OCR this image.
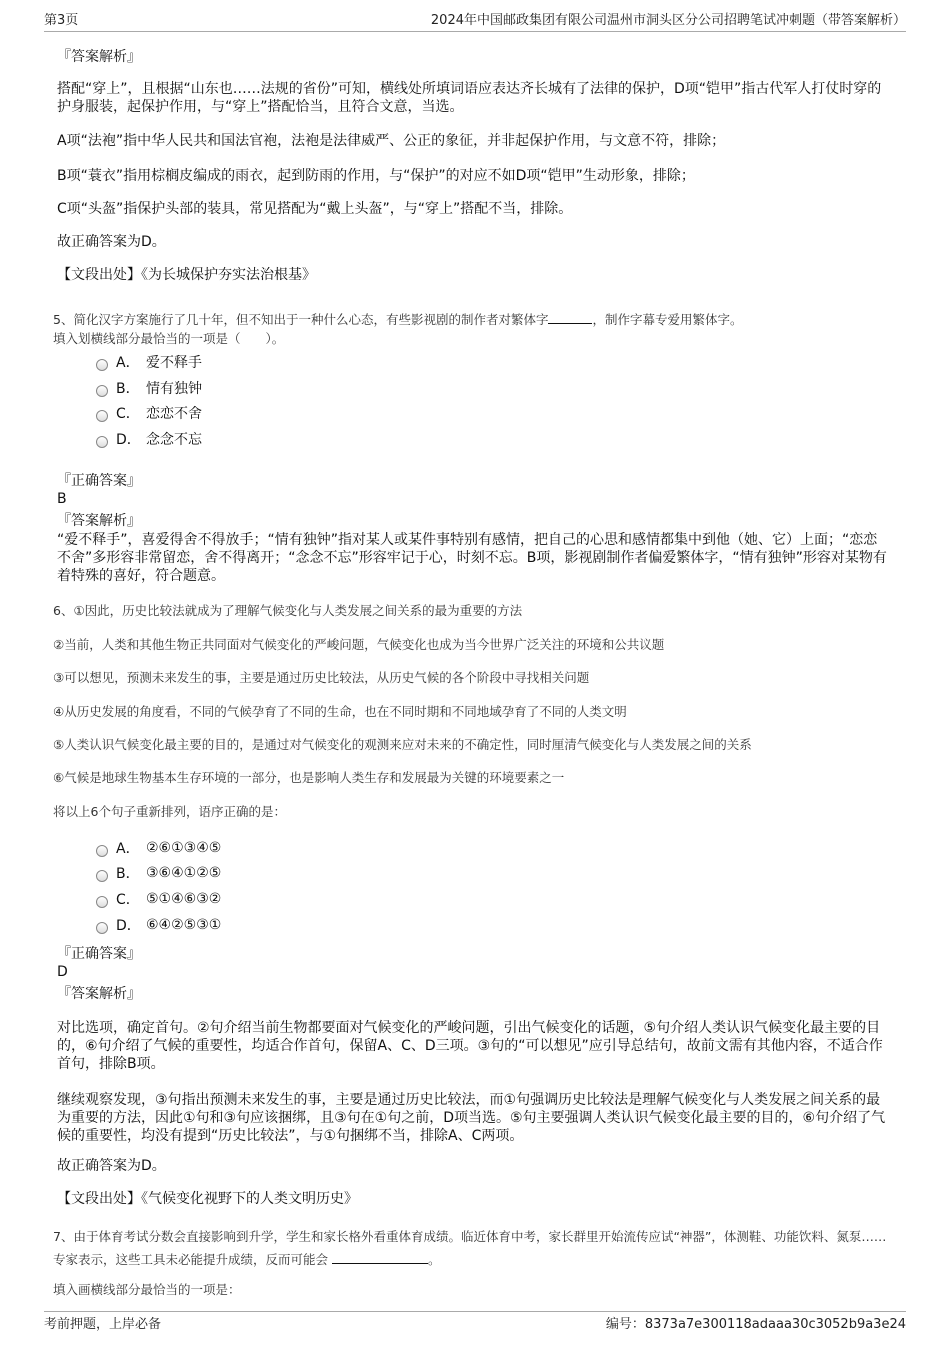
第3页	2024年中国邮政集团有限公司温州市洞头区分公司招聘笔试冲刺题（带答案解析）
『答案解析』
搭配“穿上”，且根据“山东也……法规的省份”可知，横线处所填词语应表达齐长城有了法律的保护，D项“铠甲”指古代军人打仗时穿的护身服装，起保护作用，与“穿上”搭配恰当，且符合文意，当选。
A项“法袍”指中华人民共和国法官袍，法袍是法律威严、公正的象征，并非起保护作用，与文意不符，排除；
B项“蓑衣”指用棕榈皮编成的雨衣，起到防雨的作用，与“保护”的对应不如D项“铠甲”生动形象，排除；
C项“头盔”指保护头部的装具，常见搭配为“戴上头盔”，与“穿上”搭配不当，排除。
故正确答案为D。
【文段出处】《为长城保护夯实法治根基》
5、简化汉字方案施行了几十年，但不知出于一种什么心态，有些影视剧的制作者对繁体字	，制作字幕专爱用繁体字。
填入划横线部分最恰当的一项是（　　）。
A． 爱不释手
B． 情有独钟
C． 恋恋不舍
D． 念念不忘
『正确答案』
B
『答案解析』
“爱不释手”，喜爱得舍不得放手；“情有独钟”指对某人或某件事特别有感情，把自己的心思和感情都集中到他（她、它）上面；“恋恋不舍”多形容非常留恋，舍不得离开；“念念不忘”形容牢记于心，时刻不忘。B项，影视剧制作者偏爱繁体字，“情有独钟”形容对某物有着特殊的喜好，符合题意。
6、①因此，历史比较法就成为了理解气候变化与人类发展之间关系的最为重要的方法
②当前，人类和其他生物正共同面对气候变化的严峻问题，气候变化也成为当今世界广泛关注的环境和公共议题
③可以想见，预测未来发生的事，主要是通过历史比较法，从历史气候的各个阶段中寻找相关问题
④从历史发展的角度看，不同的气候孕育了不同的生命，也在不同时期和不同地域孕育了不同的人类文明
⑤人类认识气候变化最主要的目的，是通过对气候变化的观测来应对未来的不确定性，同时厘清气候变化与人类发展之间的关系
⑥气候是地球生物基本生存环境的一部分，也是影响人类生存和发展最为关键的环境要素之一
将以上6个句子重新排列，语序正确的是：
A． ②⑥①③④⑤
B． ③⑥④①②⑤
C． ⑤①④⑥③②
D． ⑥④②⑤③①
『正确答案』
D
『答案解析』
对比选项，确定首句。②句介绍当前生物都要面对气候变化的严峻问题，引出气候变化的话题，⑤句介绍人类认识气候变化最主要的目的，⑥句介绍了气候的重要性，均适合作首句，保留A、C、D三项。③句的“可以想见”应引导总结句，故前文需有其他内容，不适合作首句，排除B项。
继续观察发现，③句指出预测未来发生的事，主要是通过历史比较法，而①句强调历史比较法是理解气候变化与人类发展之间关系的最为重要的方法，因此①句和③句应该捆绑，且③句在①句之前，D项当选。⑤句主要强调人类认识气候变化最主要的目的，⑥句介绍了气候的重要性，均没有提到“历史比较法”，与①句捆绑不当，排除A、C两项。
故正确答案为D。
【文段出处】《气候变化视野下的人类文明历史》
7、由于体育考试分数会直接影响到升学，学生和家长格外看重体育成绩。临近体育中考，家长群里开始流传应试“神器”，体测鞋、功能饮料、氮泵……专家表示，这些工具未必能提升成绩，反而可能会	。
填入画横线部分最恰当的一项是：
考前押题，上岸必备	编号：8373a7e300118adaaa30c3052b9a3e24
